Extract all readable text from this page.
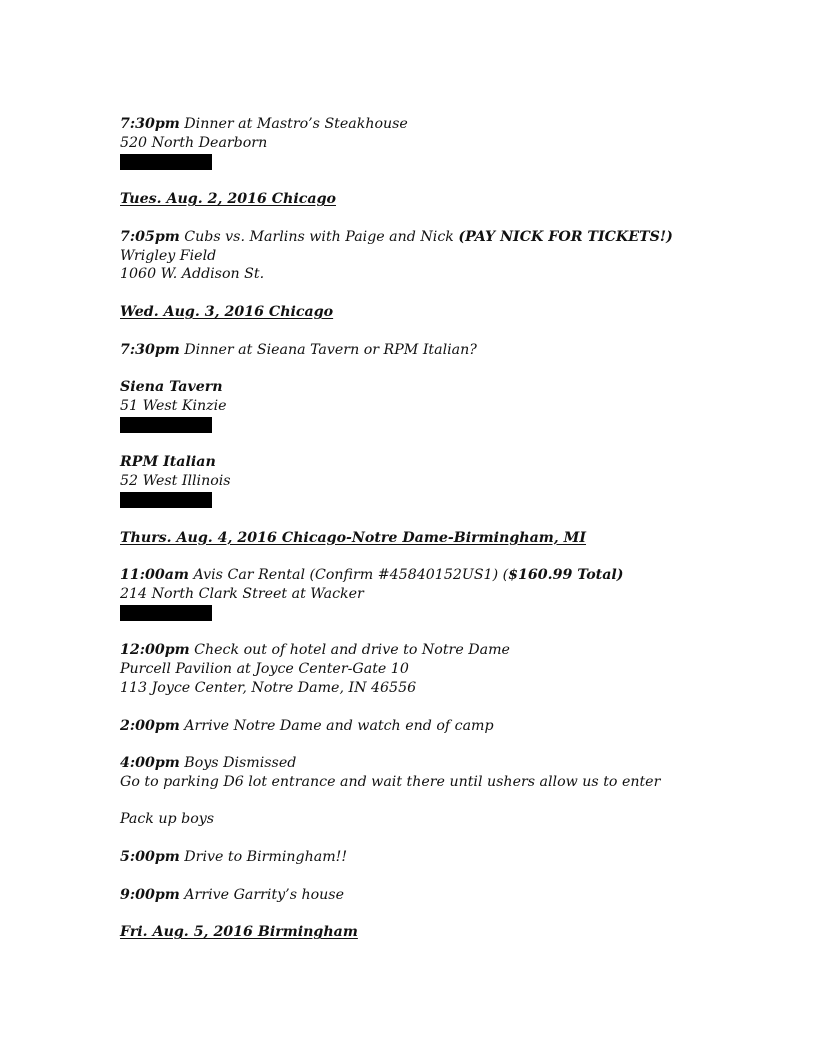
7:30pm Dinner at Mastro’s Steakhouse
520 North Dearborn
Tues. Aug. 2, 2016 Chicago
7:05pm Cubs vs. Marlins with Paige and Nick (PAY NICK FOR TICKETS!)
Wrigley Field
1060 W. Addison St.
Wed. Aug. 3, 2016 Chicago
7:30pm Dinner at Sieana Tavern or RPM Italian?
Siena Tavern
51 West Kinzie
RPM Italian
52 West Illinois
Thurs. Aug. 4, 2016 Chicago-Notre Dame-Birmingham, MI
11:00am Avis Car Rental (Confirm #45840152US1) ($160.99 Total)
214 North Clark Street at Wacker
12:00pm Check out of hotel and drive to Notre Dame
Purcell Pavilion at Joyce Center-Gate 10
113 Joyce Center, Notre Dame, IN 46556
2:00pm Arrive Notre Dame and watch end of camp
4:00pm Boys Dismissed
Go to parking D6 lot entrance and wait there until ushers allow us to enter
Pack up boys
5:00pm Drive to Birmingham!!
9:00pm Arrive Garrity’s house
Fri. Aug. 5, 2016 Birmingham
